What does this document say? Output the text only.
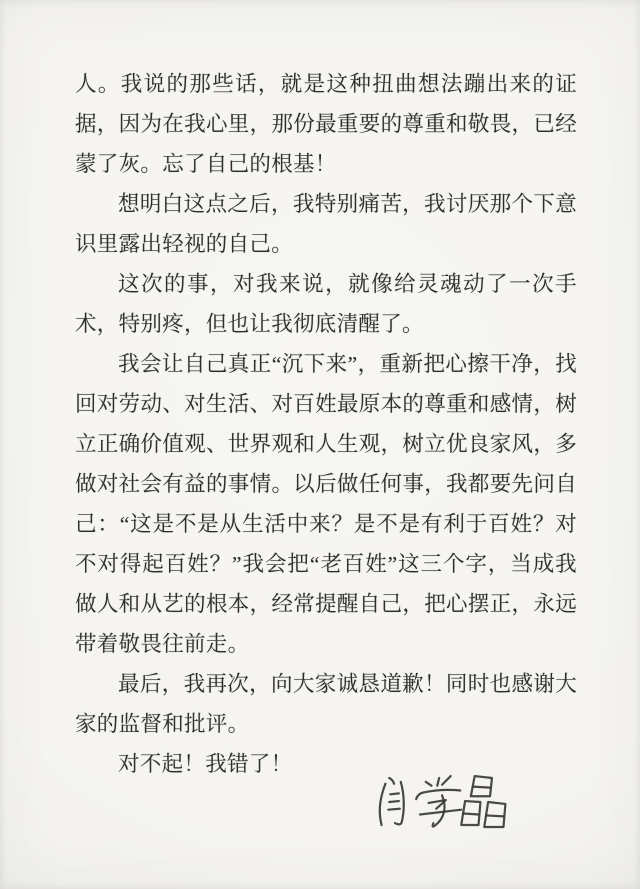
人。我说的那些话，就是这种扭曲想法蹦出来的证据，因为在我心里，那份最重要的尊重和敬畏，已经蒙了灰。忘了自己的根基！

想明白这点之后，我特别痛苦，我讨厌那个下意识里露出轻视的自己。

这次的事，对我来说，就像给灵魂动了一次手术，特别疼，但也让我彻底清醒了。

我会让自己真正“沉下来”，重新把心擦干净，找回对劳动、对生活、对百姓最原本的尊重和感情，树立正确价值观、世界观和人生观，树立优良家风，多做对社会有益的事情。以后做任何事，我都要先问自己：“这是不是从生活中来？是不是有利于百姓？对不对得起百姓？”我会把“老百姓”这三个字，当成我做人和从艺的根本，经常提醒自己，把心摆正，永远带着敬畏往前走。

最后，我再次，向大家诚恳道歉！同时也感谢大家的监督和批评。

对不起！我错了！
